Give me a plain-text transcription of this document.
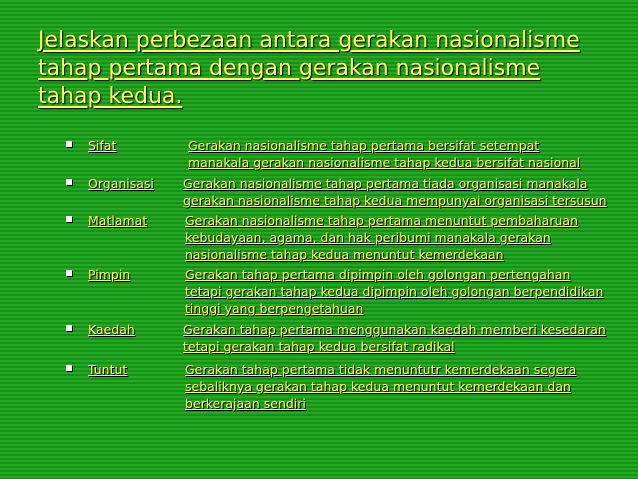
Jelaskan perbezaan antara gerakan nasionalisme
tahap pertama dengan gerakan nasionalisme
tahap kedua.
Sifat	Gerakan nasionalisme tahap pertama bersifat setempat
manakala gerakan nasionalisme tahap kedua bersifat nasional
Organisasi Gerakan nasionalisme tahap pertama tiada organisasi manakala
gerakan nasionalisme tahap kedua mempunyai organisasi tersusun
Matlamat	Gerakan nasionalisme tahap pertama menuntut pembaharuan
kebudayaan, agama, dan hak peribumi manakala gerakan
nasionalisme tahap kedua menuntut kemerdekaan
Pimpin	Gerakan tahap pertama dipimpin oleh golongan pertengahan
tetapi gerakan tahap kedua dipimpin oleh golongan berpendidikan
tinggi yang berpengetahuan
Kaedah	Gerakan tahap pertama menggunakan kaedah memberi kesedaran
tetapi gerakan tahap kedua bersifat radikal
Tuntut	Gerakan tahap pertama tidak menuntutr kemerdekaan segera
sebaliknya gerakan tahap kedua menuntut kemerdekaan dan
berkerajaan sendiri
